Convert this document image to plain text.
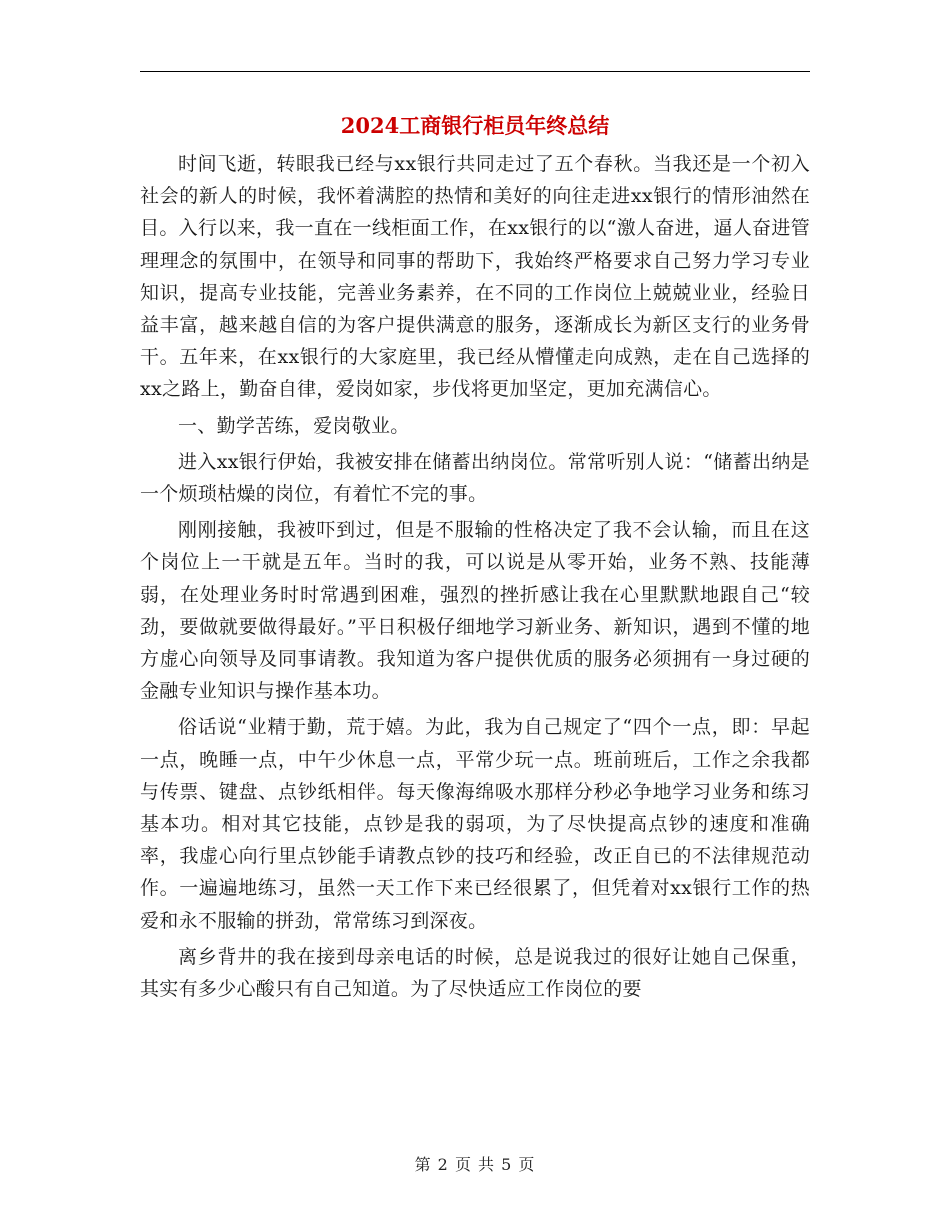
2024工商银行柜员年终总结

时间飞逝，转眼我已经与xx银行共同走过了五个春秋。当我还是一个初入社会的新人的时候，我怀着满腔的热情和美好的向往走进xx银行的情形油然在目。入行以来，我一直在一线柜面工作，在xx银行的以“激人奋进，逼人奋进管理理念的氛围中，在领导和同事的帮助下，我始终严格要求自己努力学习专业知识，提高专业技能，完善业务素养，在不同的工作岗位上兢兢业业，经验日益丰富，越来越自信的为客户提供满意的服务，逐渐成长为新区支行的业务骨干。五年来，在xx银行的大家庭里，我已经从懵懂走向成熟，走在自己选择的xx之路上，勤奋自律，爱岗如家，步伐将更加坚定，更加充满信心。

一、勤学苦练，爱岗敬业。

进入xx银行伊始，我被安排在储蓄出纳岗位。常常听别人说：“储蓄出纳是一个烦琐枯燥的岗位，有着忙不完的事。

刚刚接触，我被吓到过，但是不服输的性格决定了我不会认输，而且在这个岗位上一干就是五年。当时的我，可以说是从零开始，业务不熟、技能薄弱，在处理业务时时常遇到困难，强烈的挫折感让我在心里默默地跟自己“较劲，要做就要做得最好。”平日积极仔细地学习新业务、新知识，遇到不懂的地方虚心向领导及同事请教。我知道为客户提供优质的服务必须拥有一身过硬的金融专业知识与操作基本功。

俗话说“业精于勤，荒于嬉。为此，我为自己规定了“四个一点，即：早起一点，晚睡一点，中午少休息一点，平常少玩一点。班前班后，工作之余我都与传票、键盘、点钞纸相伴。每天像海绵吸水那样分秒必争地学习业务和练习基本功。相对其它技能，点钞是我的弱项，为了尽快提高点钞的速度和准确率，我虚心向行里点钞能手请教点钞的技巧和经验，改正自已的不法律规范动作。一遍遍地练习，虽然一天工作下来已经很累了，但凭着对xx银行工作的热爱和永不服输的拼劲，常常练习到深夜。

离乡背井的我在接到母亲电话的时候，总是说我过的很好让她自己保重，其实有多少心酸只有自己知道。为了尽快适应工作岗位的要

第 2 页 共 5 页
